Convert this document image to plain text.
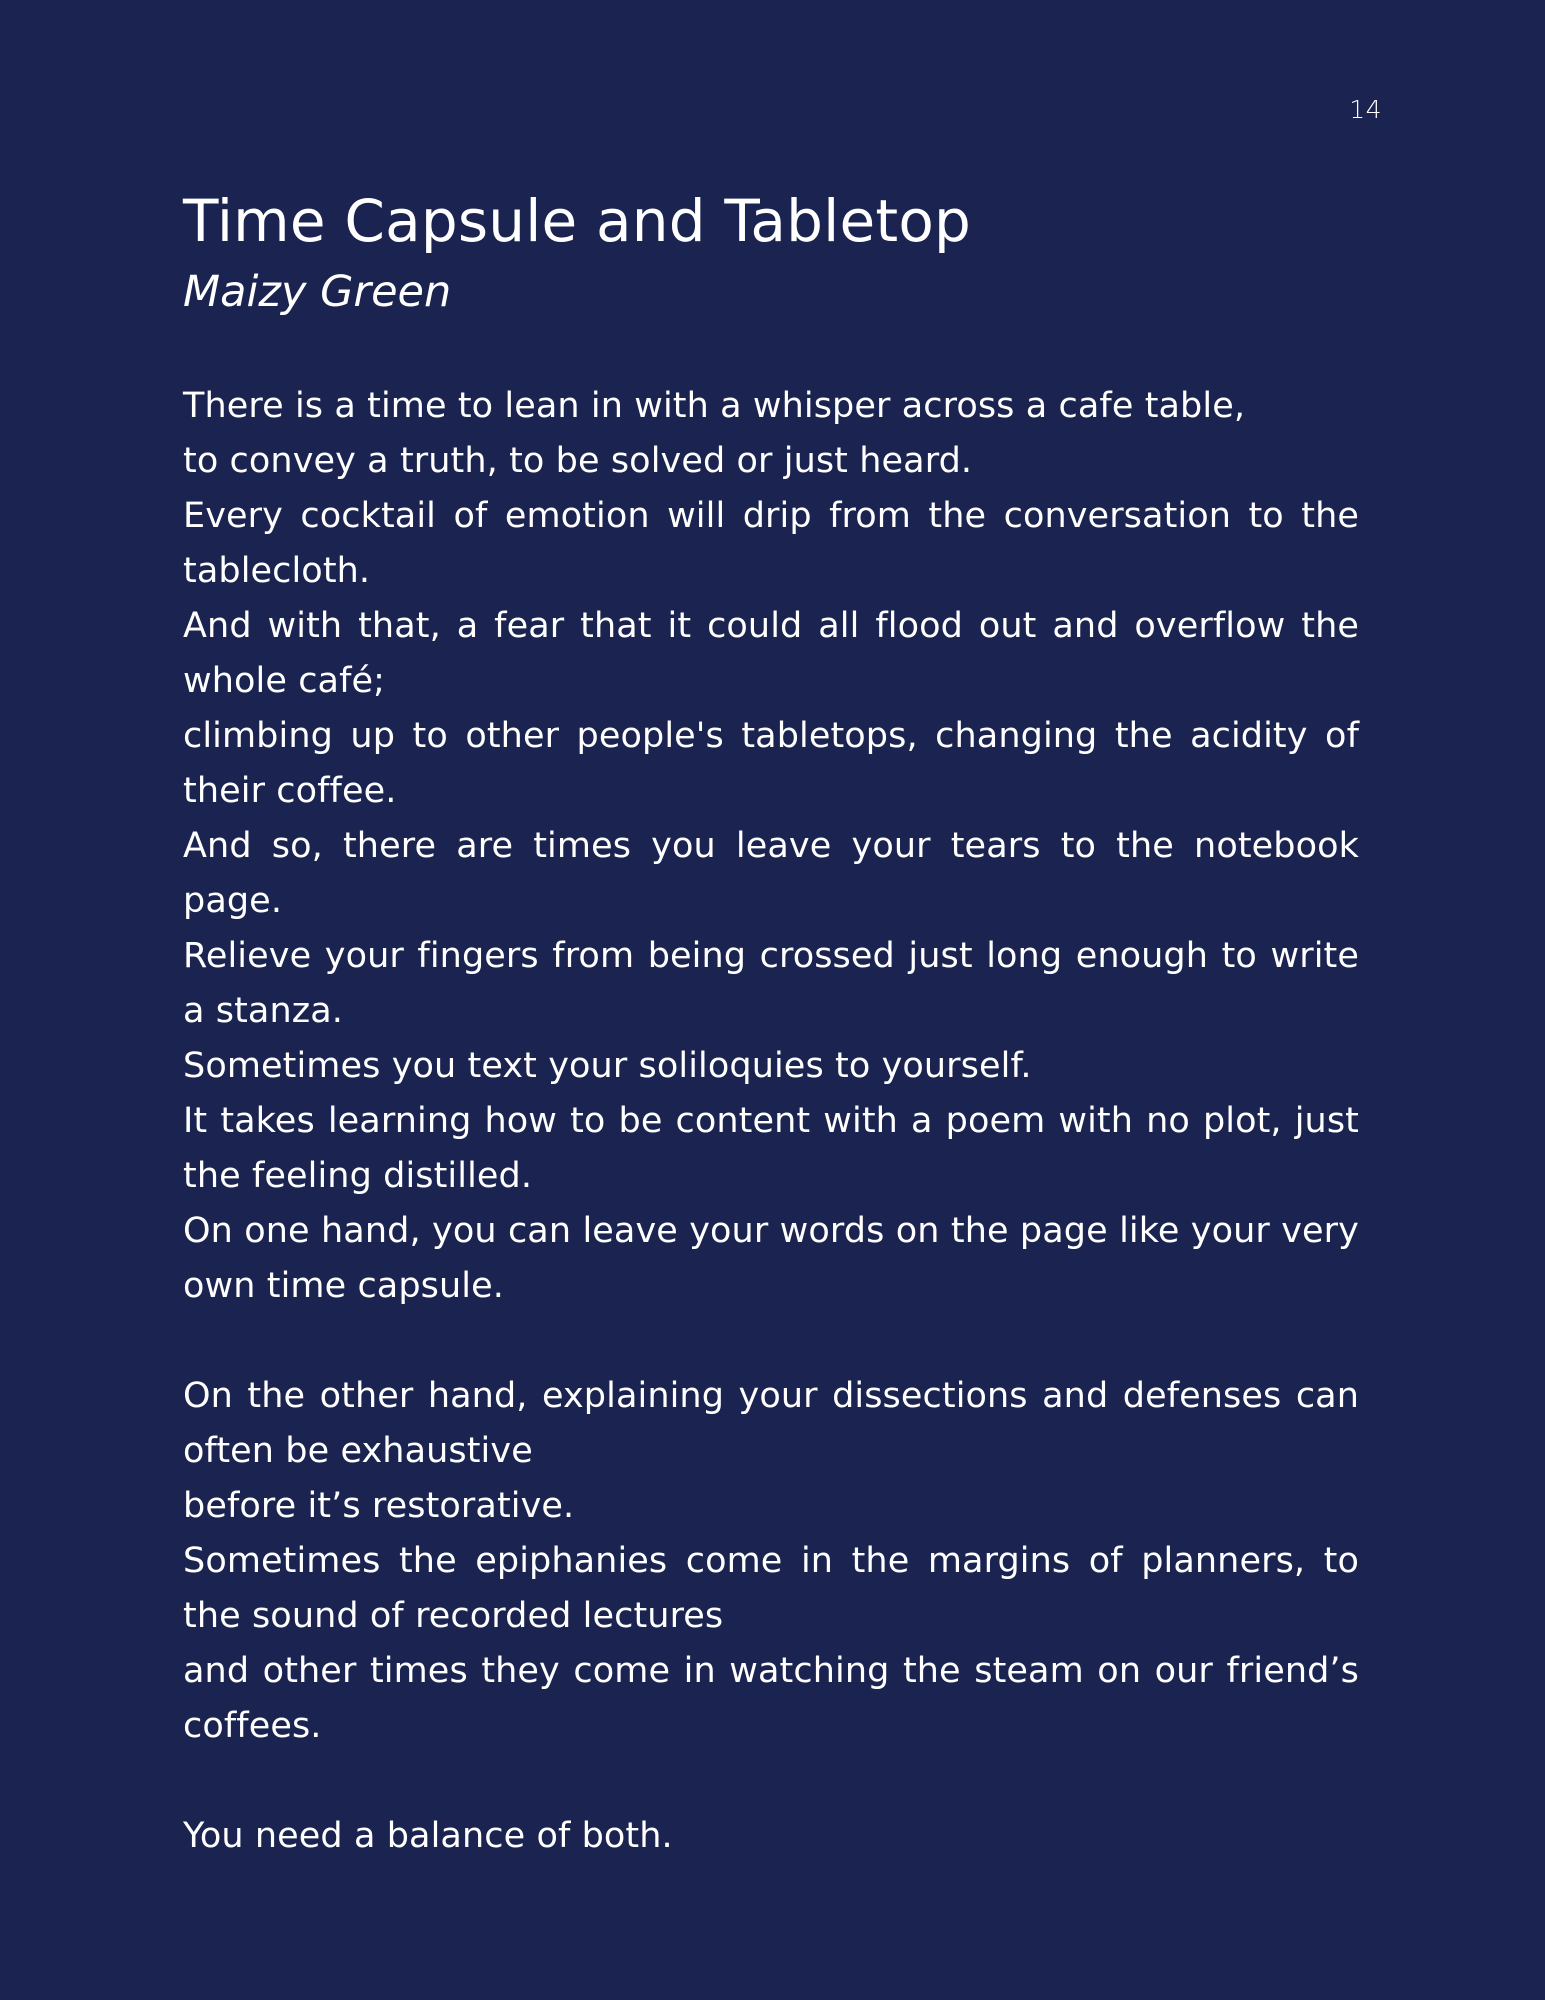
14
Time Capsule and Tabletop
Maizy Green
There is a time to lean in with a whisper across a cafe table,
to convey a truth, to be solved or just heard.
Every cocktail of emotion will drip from the conversation to the tablecloth.
And with that, a fear that it could all flood out and overflow the whole café;
climbing up to other people's tabletops, changing the acidity of their coffee.
And so, there are times you leave your tears to the notebook page.
Relieve your fingers from being crossed just long enough to write a stanza.
Sometimes you text your soliloquies to yourself.
It takes learning how to be content with a poem with no plot, just the feeling distilled.
On one hand, you can leave your words on the page like your very own time capsule.
On the other hand, explaining your dissections and defenses can often be exhaustive
before it’s restorative.
Sometimes the epiphanies come in the margins of planners, to the sound of recorded lectures
and other times they come in watching the steam on our friend’s coffees.
You need a balance of both.
